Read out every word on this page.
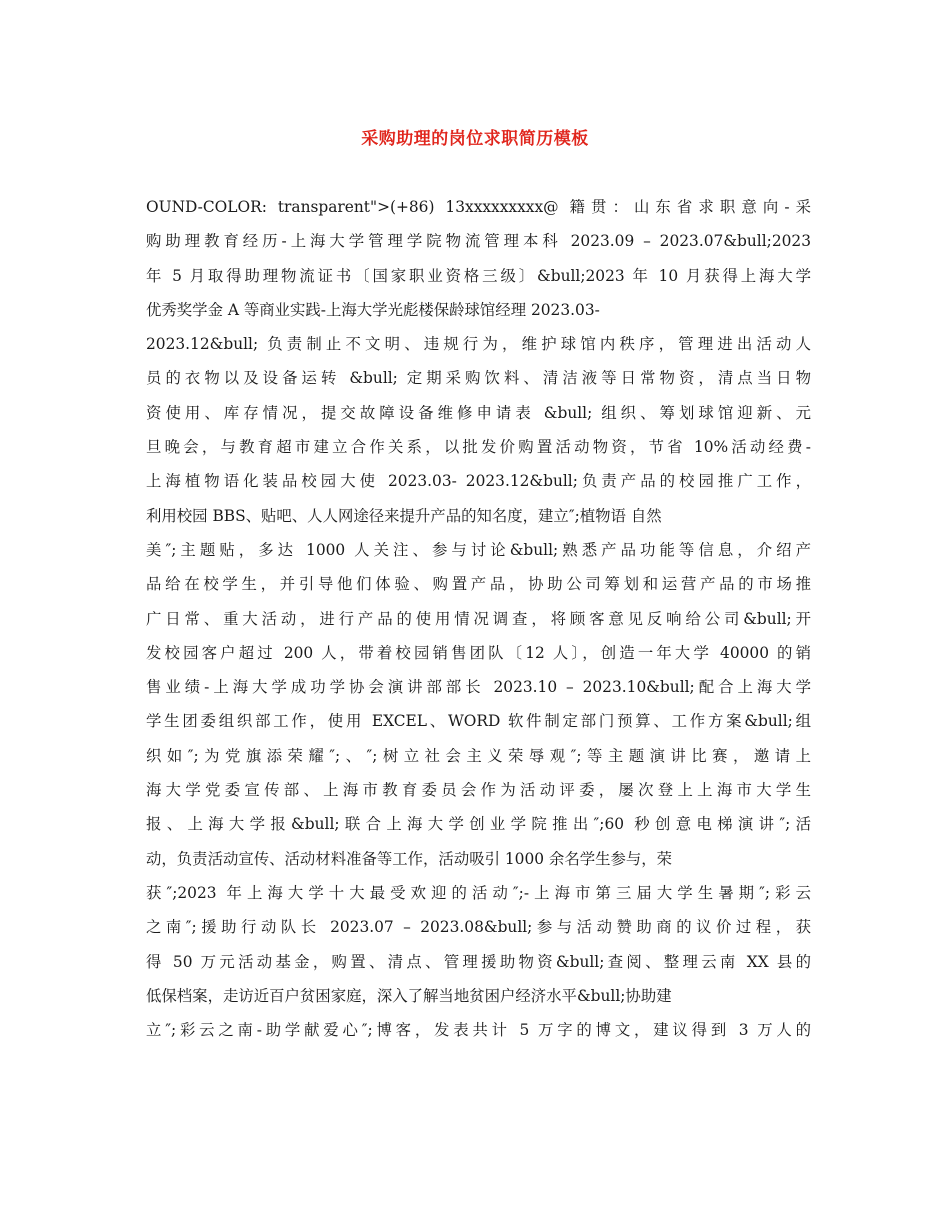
采购助理的岗位求职简历模板
OUND-COLOR: transparent">(+86) 13xxxxxxxxx@ 籍贯：山东省求职意向-采
购助理教育经历-上海大学管理学院物流管理本科 2023.09 – 2023.07&bull;2023
年 5 月取得助理物流证书〔国家职业资格三级〕&bull;2023 年 10 月获得上海大学
优秀奖学金 A 等商业实践-上海大学光彪楼保龄球馆经理 2023.03-
2023.12&bull; 负责制止不文明、违规行为，维护球馆内秩序，管理进出活动人
员的衣物以及设备运转 &bull; 定期采购饮料、清洁液等日常物资，清点当日物
资使用、库存情况，提交故障设备维修申请表 &bull; 组织、筹划球馆迎新、元
旦晚会，与教育超市建立合作关系，以批发价购置活动物资，节省 10%活动经费-
上海植物语化装品校园大使 2023.03- 2023.12&bull;负责产品的校园推广工作，
利用校园 BBS、贴吧、人人网途径来提升产品的知名度，建立″;植物语 自然
美″;主题贴，多达 1000 人关注、参与讨论&bull;熟悉产品功能等信息，介绍产
品给在校学生，并引导他们体验、购置产品，协助公司筹划和运营产品的市场推
广日常、重大活动，进行产品的使用情况调查，将顾客意见反响给公司&bull;开
发校园客户超过 200 人，带着校园销售团队〔12 人〕，创造一年大学 40000 的销
售业绩-上海大学成功学协会演讲部部长 2023.10 – 2023.10&bull;配合上海大学
学生团委组织部工作，使用 EXCEL、WORD 软件制定部门预算、工作方案&bull;组
织如″;为党旗添荣耀″;、″;树立社会主义荣辱观″;等主题演讲比赛，邀请上
海大学党委宣传部、上海市教育委员会作为活动评委，屡次登上上海市大学生
报、上海大学报&bull;联合上海大学创业学院推出″;60 秒创意电梯演讲″;活
动，负责活动宣传、活动材料准备等工作，活动吸引 1000 余名学生参与，荣
获″;2023 年上海大学十大最受欢迎的活动″;-上海市第三届大学生暑期″;彩云
之南″;援助行动队长 2023.07 – 2023.08&bull;参与活动赞助商的议价过程，获
得 50 万元活动基金，购置、清点、管理援助物资&bull;查阅、整理云南 XX 县的
低保档案，走访近百户贫困家庭，深入了解当地贫困户经济水平&bull;协助建
立″;彩云之南-助学献爱心″;博客，发表共计 5 万字的博文，建议得到 3 万人的
